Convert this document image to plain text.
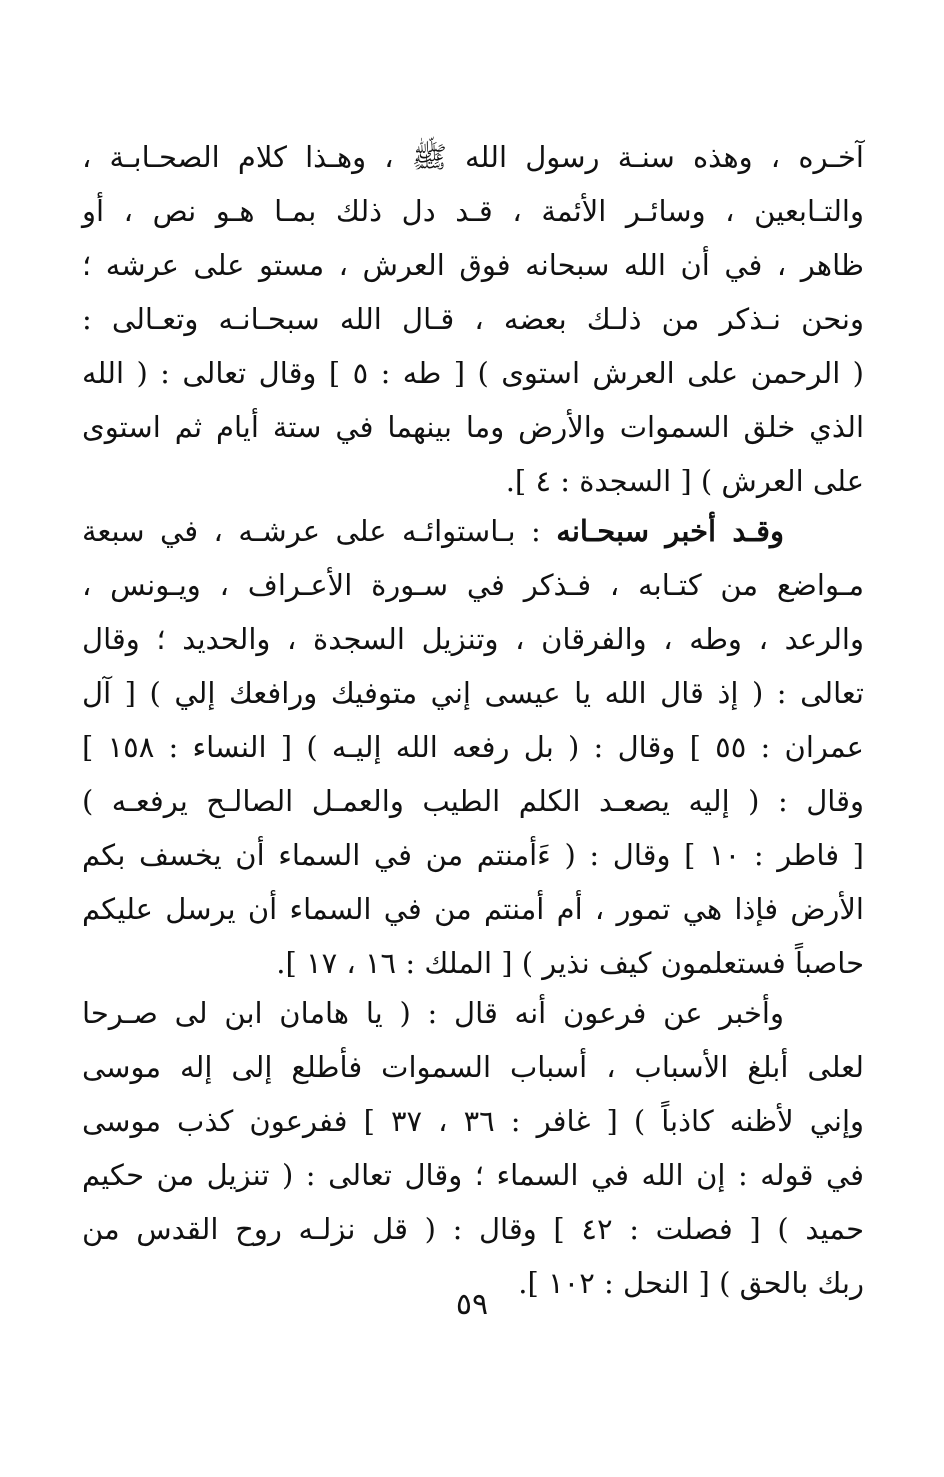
آخـره ، وهذه سنـة رسول الله ﷺ ، وهـذا كلام الصحـابـة ،
والتـابعين ، وسائـر الأئمة ، قـد دل ذلك بمـا هـو نص ، أو
ظاهر ، في أن الله سبحانه فوق العرش ، مستو على عرشه ؛
ونحن نـذكر من ذلـك بعضه ، قـال الله سبحـانـه وتعـالى :
( الرحمن على العرش استوى ) [ طه : ٥ ] وقال تعالى : ( الله
الذي خلق السموات والأرض وما بينهما في ستة أيام ثم استوى
على العرش ) [ السجدة : ٤ ].
وقـد أخبر سبحـانه : بـاستوائـه على عرشـه ، في سبعة
مـواضع من كتـابه ، فـذكر في سـورة الأعـراف ، ويـونس ،
والرعد ، وطه ، والفرقان ، وتنزيل السجدة ، والحديد ؛ وقال
تعالى : ( إذ قال الله يا عيسى إني متوفيك ورافعك إلي ) [ آل
عمران : ٥٥ ] وقال : ( بل رفعه الله إليـه ) [ النساء : ١٥٨ ]
وقال : ( إليه يصعـد الكلم الطيب والعمـل الصالـح يرفعـه )
[ فاطر : ١٠ ] وقال : ( ءَأمنتم من في السماء أن يخسف بكم
الأرض فإذا هي تمور ، أم أمنتم من في السماء أن يرسل عليكم
حاصباً فستعلمون كيف نذير ) [ الملك : ١٦ ، ١٧ ].
وأخبر عن فرعون أنه قال : ( يا هامان ابن لى صـرحا
لعلى أبلغ الأسباب ، أسباب السموات فأطلع إلى إله موسى
وإني لأظنه كاذباً ) [ غافر : ٣٦ ، ٣٧ ] ففرعون كذب موسى
في قوله : إن الله في السماء ؛ وقال تعالى : ( تنزيل من حكيم
حميد ) [ فصلت : ٤٢ ] وقال : ( قل نزلـه روح القدس من
ربك بالحق ) [ النحل : ١٠٢ ].
٥٩
